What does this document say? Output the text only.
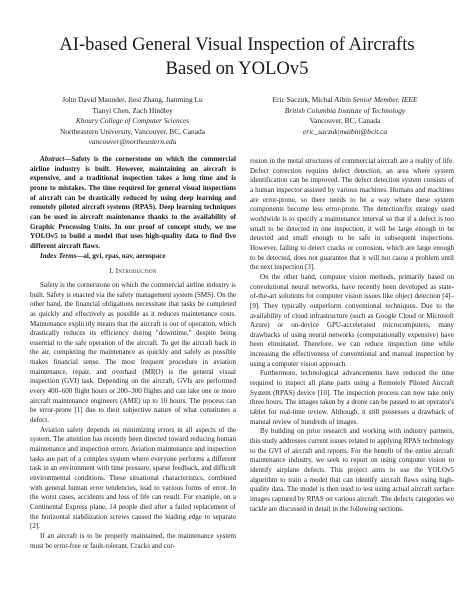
AI-based General Visual Inspection of Aircrafts
Based on YOLOv5
John David Maunder, Jiesi Zhang, Jianming Lu
Tianyi Chen, Zach Hindley
Khoury College of Computer Sciences
Northeastern University, Vancouver, BC, Canada
vancouver@northeastern.edu
Eric Saczuk, Michal Aibin Senior Member, IEEE
British Columbia Institute of Technology
Vancouver, BC, Canada
eric_saczuk|maibin@bcit.ca

Abstract—Safety is the cornerstone on which the commercial airline industry is built. However, maintaining an aircraft is expensive, and a traditional inspection takes a long time and is prone to mistakes. The time required for general visual inspections of aircraft can be drastically reduced by using deep learning and remotely piloted aircraft systems (RPAS). Deep learning techniques can be used in aircraft maintenance thanks to the availability of Graphic Processing Units. In our proof of concept study, we use YOLOv5 to build a model that uses high-quality data to find five different aircraft flaws.

Index Terms—ai, gvi, rpas, uav, aerospace

I. Introduction

Safety is the cornerstone on which the commercial airline industry is built. Safety is enacted via the safety management system (SMS). On the other hand, the financial obligations necessitate that tasks be completed as quickly and effectively as possible as it reduces maintenance costs. Maintenance explicitly means that the aircraft is out of operation, which drastically reduces its efficiency during "downtime," despite being essential to the safe operation of the aircraft. To get the aircraft back in the air, completing the maintenance as quickly and safely as possible makes financial sense. The most frequent procedure in aviation maintenance, repair, and overhaul (MRO) is the general visual inspection (GVI) task. Depending on the aircraft, GVIs are performed every 400–600 flight hours or 200–300 flights and can take one or more aircraft maintenance engineers (AME) up to 10 hours. The process can be error-prone [1] due to their subjective nature of what constitutes a defect.

Aviation safety depends on minimizing errors in all aspects of the system. The attention has recently been directed toward reducing human maintenance and inspection errors. Aviation maintenance and inspection tasks are part of a complex system where everyone performs a different task in an environment with time pressure, sparse feedback, and difficult environmental conditions. These situational characteristics, combined with general human error tendencies, lead to various forms of error. In the worst cases, accidents and loss of life can result. For example, on a Continental Express plane, 14 people died after a failed replacement of the horizontal stabilization screws caused the leading edge to separate [2].

If an aircraft is to be properly maintained, the maintenance system must be error-free or fault-tolerant. Cracks and cor-

rosion in the metal structures of commercial aircraft are a reality of life. Defect correction requires defect detection, an area where system identification can be improved. The defect detection system consists of a human inspector assisted by various machines. Humans and machines are error-prone, so there needs to be a way where these system components become less error-prone. The detection/fix strategy used worldwide is to specify a maintenance interval so that if a defect is too small to be detected in one inspection, it will be large enough to be detected and small enough to be safe in subsequent inspections. However, failing to detect cracks or corrosion, which are large enough to be detected, does not guarantee that it will not cause a problem until the next inspection [3].

On the other hand, computer vision methods, primarily based on convolutional neural networks, have recently been developed as state-of-the-art solutions for computer vision issues like object detection [4]–[9]. They typically outperform conventional techniques. Due to the availability of cloud infrastructure (such as Google Cloud or Microsoft Azure) or on-device GPU-accelerated microcomputers, many drawbacks of using neural networks (computationally expensive) have been eliminated. Therefore, we can reduce inspection time while increasing the effectiveness of conventional and manual inspection by using a computer vision approach.

Furthermore, technological advancements have reduced the time required to inspect all plane parts using a Remotely Piloted Aircraft System (RPAS) device [10]. The inspection process can now take only three hours. The images taken by a drone can be passed to an operator's tablet for real-time review. Although, it still possesses a drawback of manual review of hundreds of images.

By building on prior research and working with industry partners, this study addresses current issues related to applying RPAS technology to the GVI of aircraft and reports. For the benefit of the entire aircraft maintenance industry, we seek to report on using computer vision to identify airplane defects. This project aims to use the YOLOv5 algorithm to train a model that can identify aircraft flaws using high-quality data. The model is then used to test using actual aircraft surface images captured by RPAS on various aircraft. The defects categories we tackle are discussed in detail in the following sections.
